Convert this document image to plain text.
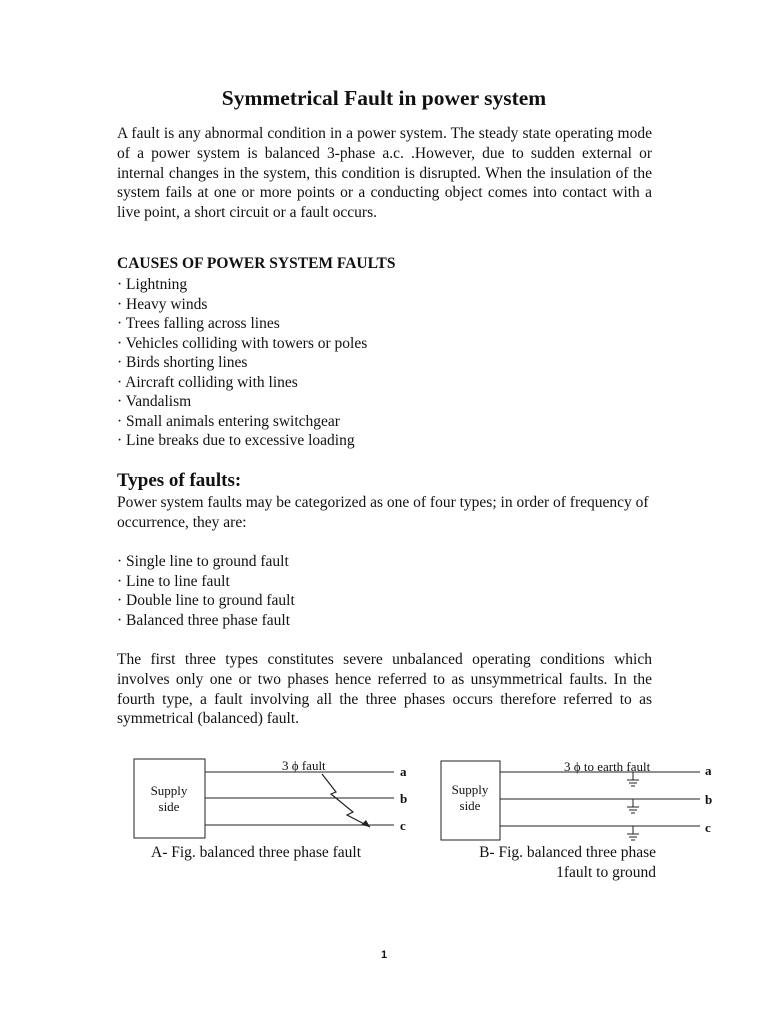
Symmetrical Fault in power system

A fault is any abnormal condition in a power system. The steady state operating mode of a power system is balanced 3-phase a.c. .However, due to sudden external or internal changes in the system, this condition is disrupted. When the insulation of the system fails at one or more points or a conducting object comes into contact with a live point, a short circuit or a fault occurs.

CAUSES OF POWER SYSTEM FAULTS
· Lightning
· Heavy winds
· Trees falling across lines
· Vehicles colliding with towers or poles
· Birds shorting lines
· Aircraft colliding with lines
· Vandalism
· Small animals entering switchgear
· Line breaks due to excessive loading
Types of faults:

Power system faults may be categorized as one of four types; in order of frequency of occurrence, they are:

· Single line to ground fault
· Line to line fault
· Double line to ground fault
· Balanced three phase fault

The first three types constitutes severe unbalanced operating conditions which involves only one or two phases hence referred to as unsymmetrical faults. In the fourth type, a fault involving all the three phases occurs therefore referred to as symmetrical (balanced) fault.

Supply
side
3 ϕ fault	a
b
c
Supply
side
3 ϕ to earth fault	a
b
c

A- Fig. balanced three phase fault	B- Fig. balanced three phase
1fault to ground

1
